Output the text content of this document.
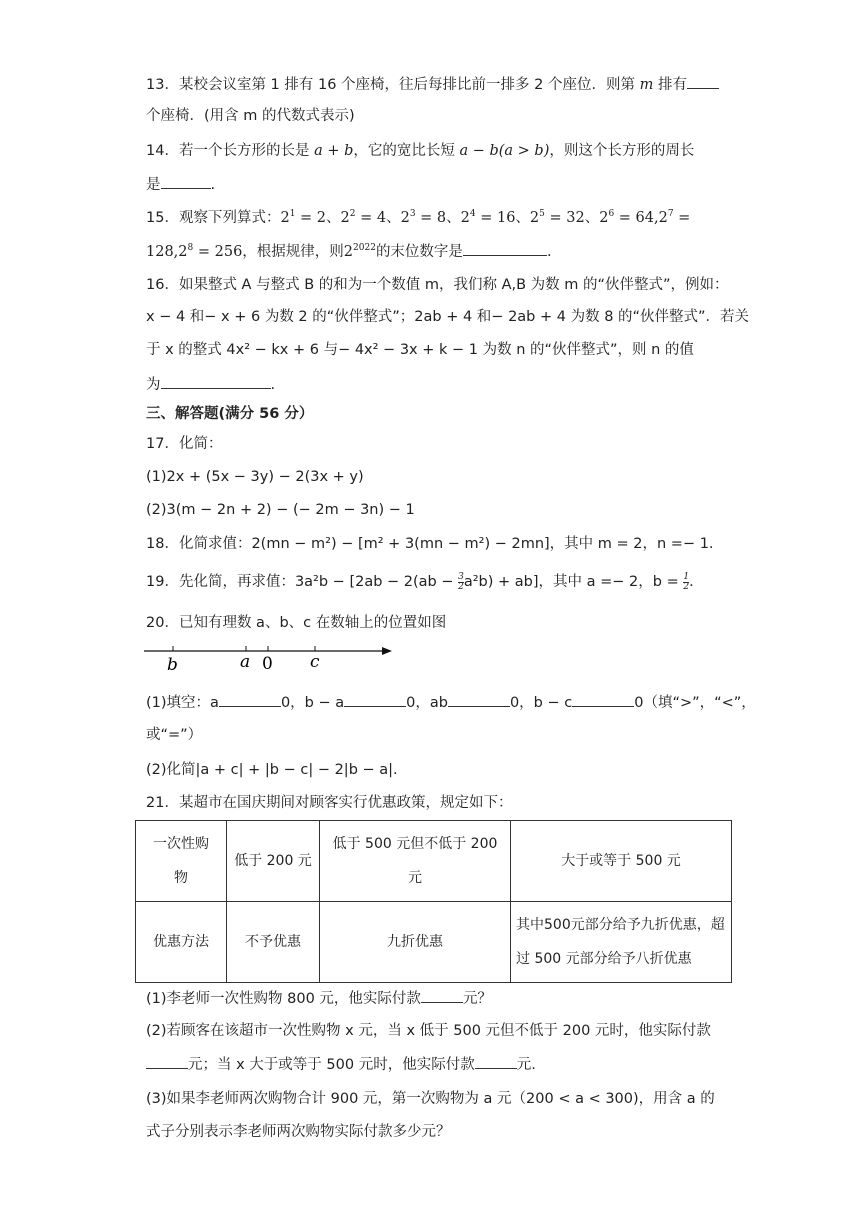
13．某校会议室第 1 排有 16 个座椅，往后每排比前一排多 2 个座位．则第 m 排有
个座椅．(用含 m 的代数式表示)
14．若一个长方形的长是 a + b，它的宽比长短 a − b(a > b)，则这个长方形的周长
是	.
15．观察下列算式：$2^1 = 2$、$2^2 = 4$、$2^3 = 8$、$2^4 = 16$、$2^5 = 32$、$2^6 = 64,2^7$ =
$128,2^8 = 256$，根据规律，则$2^{2022}$的末位数字是	.
16．如果整式 A 与整式 B 的和为一个数值 m，我们称 A,B 为数 m 的“伙伴整式”，例如：
x − 4 和− x + 6 为数 2 的“伙伴整式”；2ab + 4 和− 2ab + 4 为数 8 的“伙伴整式”．若关
于 x 的整式 4x² − kx + 6 与− 4x² − 3x + k − 1 为数 n 的“伙伴整式”，则 n 的值
为	.
三、解答题(满分 56 分）
17．化简：
(1)2x + (5x − 3y) − 2(3x + y)
(2)3(m − 2n + 2) − (− 2m − 3n) − 1
18．化简求值：2(mn − m²) − [m² + 3(mn − m²) − 2mn]，其中 m = 2，n =− 1.
19．先化简，再求值：$3a^2b - [2ab - 2(ab - \frac{3}{2} a^2b) + ab]$，其中 a =− 2，$b = \frac{1}{2}$ .
20．已知有理数 a、b、c 在数轴上的位置如图
b	a 0 c
(1)填空：a	0，b − a	0，ab	0，b − c	0（填“>”，“<”，
或“=”）
(2)化简|a + c| + |b − c| − 2|b − a|.
21．某超市在国庆期间对顾客实行优惠政策，规定如下：
一次性购物	低于 200 元	低于 500 元但不低于 200 元	大于或等于 500 元
优惠方法	不予优惠	九折优惠	其中500元部分给予九折优惠，超过 500 元部分给予八折优惠
(1)李老师一次性购物 800 元，他实际付款	元？
(2)若顾客在该超市一次性购物 x 元，当 x 低于 500 元但不低于 200 元时，他实际付款
元；当 x 大于或等于 500 元时，他实际付款	元.
(3)如果李老师两次购物合计 900 元，第一次购物为 a 元（200 < a < 300)，用含 a 的
式子分别表示李老师两次购物实际付款多少元？
